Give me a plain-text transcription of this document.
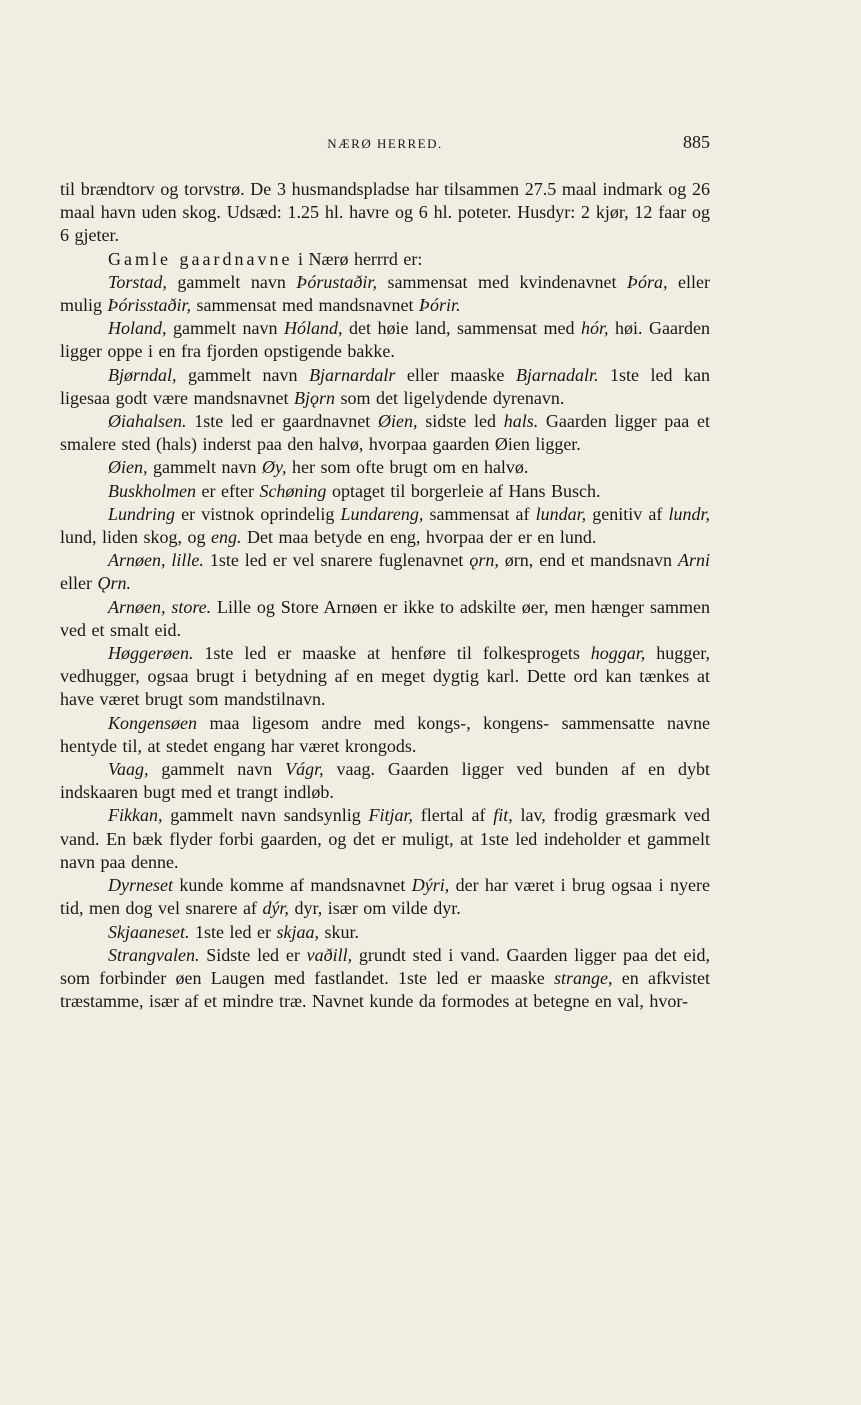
NÆRØ HERRED.	885

til brændtorv og torvstrø. De 3 husmandspladse har tilsammen 27.5 maal indmark og 26 maal havn uden skog. Udsæd: 1.25 hl. havre og 6 hl. poteter. Husdyr: 2 kjør, 12 faar og 6 gjeter.

Gamle gaardnavne i Nærø herrrd er:

Torstad, gammelt navn Þórustaðir, sammensat med kvindenavnet Þóra, eller mulig Þórisstaðir, sammensat med mandsnavnet Þórir.

Holand, gammelt navn Hóland, det høie land, sammensat med hór, høi. Gaarden ligger oppe i en fra fjorden opstigende bakke.

Bjørndal, gammelt navn Bjarnardalr eller maaske Bjarnadalr. 1ste led kan ligesaa godt være mandsnavnet Bjǫrn som det ligelydende dyrenavn.

Øiahalsen. 1ste led er gaardnavnet Øien, sidste led hals. Gaarden ligger paa et smalere sted (hals) inderst paa den halvø, hvorpaa gaarden Øien ligger.

Øien, gammelt navn Øy, her som ofte brugt om en halvø.

Buskholmen er efter Schøning optaget til borgerleie af Hans Busch.

Lundring er vistnok oprindelig Lundareng, sammensat af lundar, genitiv af lundr, lund, liden skog, og eng. Det maa betyde en eng, hvorpaa der er en lund.

Arnøen, lille. 1ste led er vel snarere fuglenavnet ǫrn, ørn, end et mandsnavn Arni eller Ǫrn.

Arnøen, store. Lille og Store Arnøen er ikke to adskilte øer, men hænger sammen ved et smalt eid.

Høggerøen. 1ste led er maaske at henføre til folkesprogets hoggar, hugger, vedhugger, ogsaa brugt i betydning af en meget dygtig karl. Dette ord kan tænkes at have været brugt som mandstilnavn.

Kongensøen maa ligesom andre med kongs-, kongens- sammensatte navne hentyde til, at stedet engang har været krongods.

Vaag, gammelt navn Vágr, vaag. Gaarden ligger ved bunden af en dybt indskaaren bugt med et trangt indløb.

Fikkan, gammelt navn sandsynlig Fitjar, flertal af fit, lav, frodig græsmark ved vand. En bæk flyder forbi gaarden, og det er muligt, at 1ste led indeholder et gammelt navn paa denne.

Dyrneset kunde komme af mandsnavnet Dýri, der har været i brug ogsaa i nyere tid, men dog vel snarere af dýr, dyr, især om vilde dyr.

Skjaaneset. 1ste led er skjaa, skur.

Strangvalen. Sidste led er vaðill, grundt sted i vand. Gaarden ligger paa det eid, som forbinder øen Laugen med fastlandet. 1ste led er maaske strange, en afkvistet træstamme, især af et mindre træ. Navnet kunde da formodes at betegne en val, hvor-
